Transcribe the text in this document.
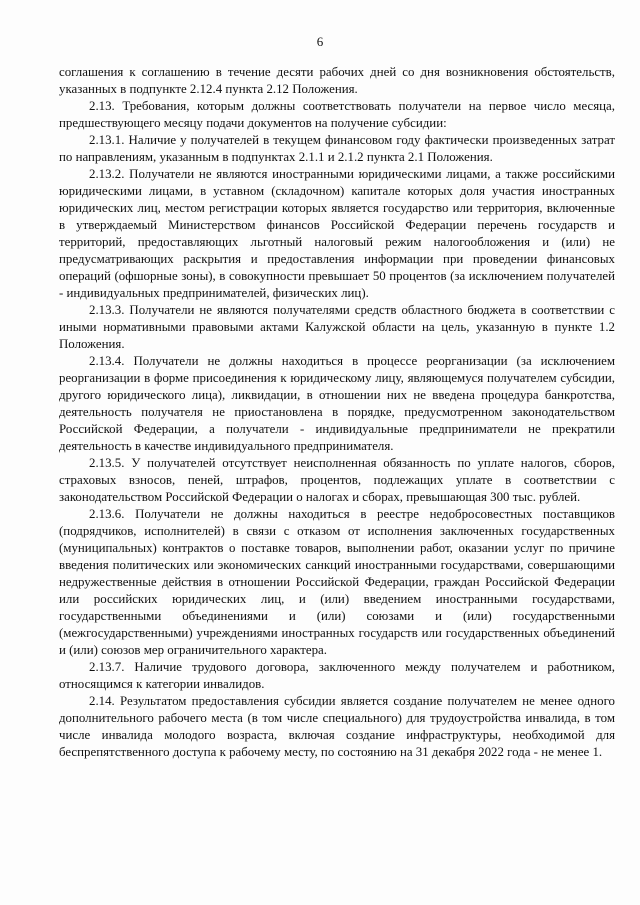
6

соглашения к соглашению в течение десяти рабочих дней со дня возникновения обстоятельств, указанных в подпункте 2.12.4 пункта 2.12 Положения.

2.13. Требования, которым должны соответствовать получатели на первое число месяца, предшествующего месяцу подачи документов на получение субсидии:

2.13.1. Наличие у получателей в текущем финансовом году фактически произведенных затрат по направлениям, указанным в подпунктах 2.1.1 и 2.1.2 пункта 2.1 Положения.

2.13.2. Получатели не являются иностранными юридическими лицами, а также российскими юридическими лицами, в уставном (складочном) капитале которых доля участия иностранных юридических лиц, местом регистрации которых является государство или территория, включенные в утверждаемый Министерством финансов Российской Федерации перечень государств и территорий, предоставляющих льготный налоговый режим налогообложения и (или) не предусматривающих раскрытия и предоставления информации при проведении финансовых операций (офшорные зоны), в совокупности превышает 50 процентов (за исключением получателей - индивидуальных предпринимателей, физических лиц).

2.13.3. Получатели не являются получателями средств областного бюджета в соответствии с иными нормативными правовыми актами Калужской области на цель, указанную в пункте 1.2 Положения.

2.13.4. Получатели не должны находиться в процессе реорганизации (за исключением реорганизации в форме присоединения к юридическому лицу, являющемуся получателем субсидии, другого юридического лица), ликвидации, в отношении них не введена процедура банкротства, деятельность получателя не приостановлена в порядке, предусмотренном законодательством Российской Федерации, а получатели - индивидуальные предприниматели не прекратили деятельность в качестве индивидуального предпринимателя.

2.13.5. У получателей отсутствует неисполненная обязанность по уплате налогов, сборов, страховых взносов, пеней, штрафов, процентов, подлежащих уплате в соответствии с законодательством Российской Федерации о налогах и сборах, превышающая 300 тыс. рублей.

2.13.6. Получатели не должны находиться в реестре недобросовестных поставщиков (подрядчиков, исполнителей) в связи с отказом от исполнения заключенных государственных (муниципальных) контрактов о поставке товаров, выполнении работ, оказании услуг по причине введения политических или экономических санкций иностранными государствами, совершающими недружественные действия в отношении Российской Федерации, граждан Российской Федерации или российских юридических лиц, и (или) введением иностранными государствами, государственными объединениями и (или) союзами и (или) государственными (межгосударственными) учреждениями иностранных государств или государственных объединений и (или) союзов мер ограничительного характера.

2.13.7. Наличие трудового договора, заключенного между получателем и работником, относящимся к категории инвалидов.

2.14. Результатом предоставления субсидии является создание получателем не менее одного дополнительного рабочего места (в том числе специального) для трудоустройства инвалида, в том числе инвалида молодого возраста, включая создание инфраструктуры, необходимой для беспрепятственного доступа к рабочему месту, по состоянию на 31 декабря 2022 года - не менее 1.
